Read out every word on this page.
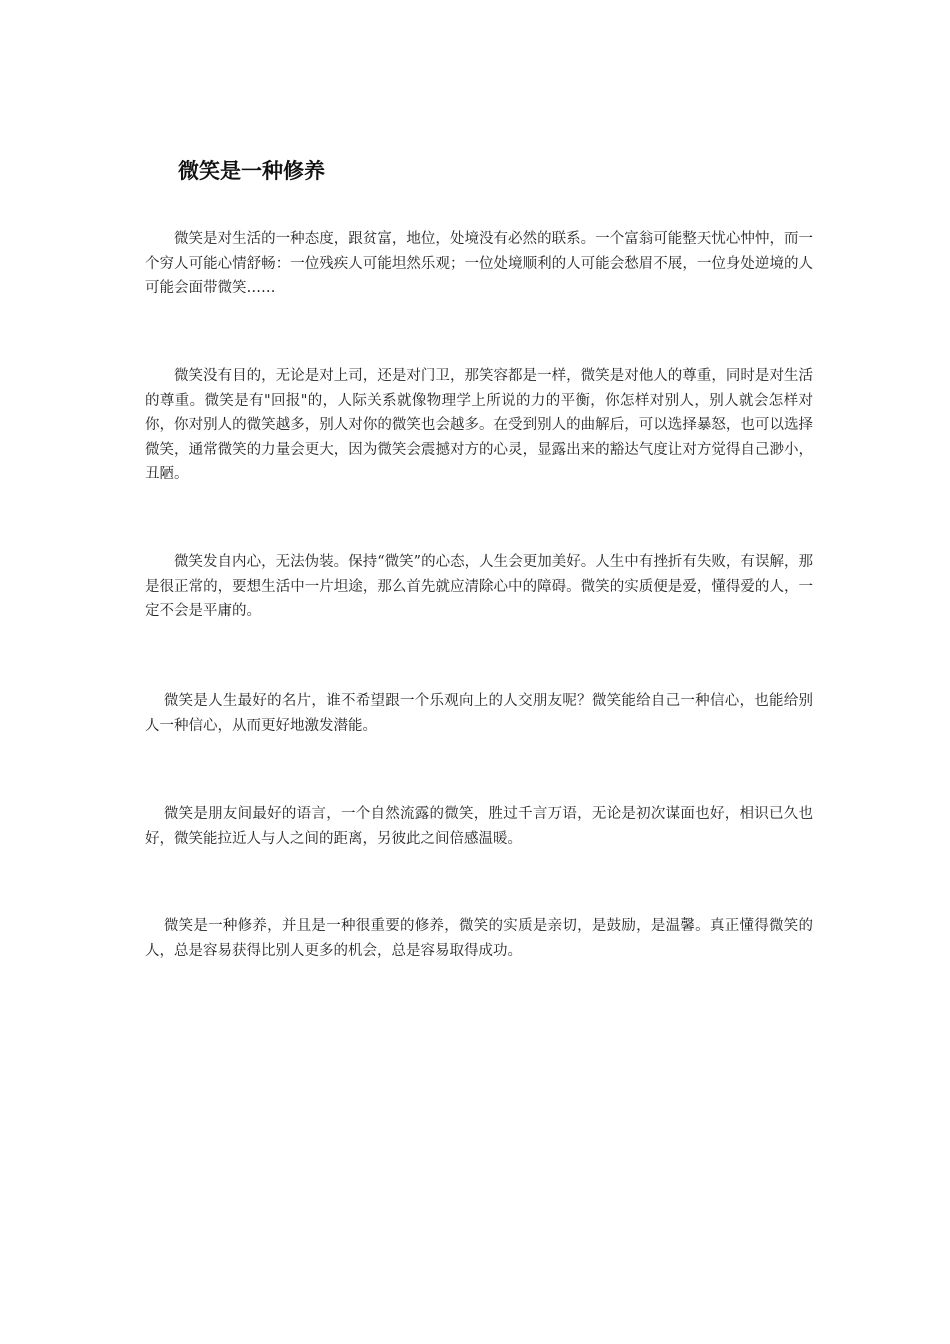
微笑是一种修养

微笑是对生活的一种态度，跟贫富，地位，处境没有必然的联系。一个富翁可能整天忧心忡忡，而一个穷人可能心情舒畅：一位残疾人可能坦然乐观；一位处境顺利的人可能会愁眉不展，一位身处逆境的人可能会面带微笑……

微笑没有目的，无论是对上司，还是对门卫，那笑容都是一样，微笑是对他人的尊重，同时是对生活的尊重。微笑是有"回报"的，人际关系就像物理学上所说的力的平衡，你怎样对别人，别人就会怎样对你，你对别人的微笑越多，别人对你的微笑也会越多。在受到别人的曲解后，可以选择暴怒，也可以选择微笑，通常微笑的力量会更大，因为微笑会震撼对方的心灵，显露出来的豁达气度让对方觉得自己渺小，丑陋。

微笑发自内心，无法伪装。保持“微笑”的心态，人生会更加美好。人生中有挫折有失败，有误解，那是很正常的，要想生活中一片坦途，那么首先就应清除心中的障碍。微笑的实质便是爱，懂得爱的人，一定不会是平庸的。

微笑是人生最好的名片，谁不希望跟一个乐观向上的人交朋友呢？微笑能给自己一种信心，也能给别人一种信心，从而更好地激发潜能。

微笑是朋友间最好的语言，一个自然流露的微笑，胜过千言万语，无论是初次谋面也好，相识已久也好，微笑能拉近人与人之间的距离，另彼此之间倍感温暖。

微笑是一种修养，并且是一种很重要的修养，微笑的实质是亲切，是鼓励，是温馨。真正懂得微笑的人，总是容易获得比别人更多的机会，总是容易取得成功。
